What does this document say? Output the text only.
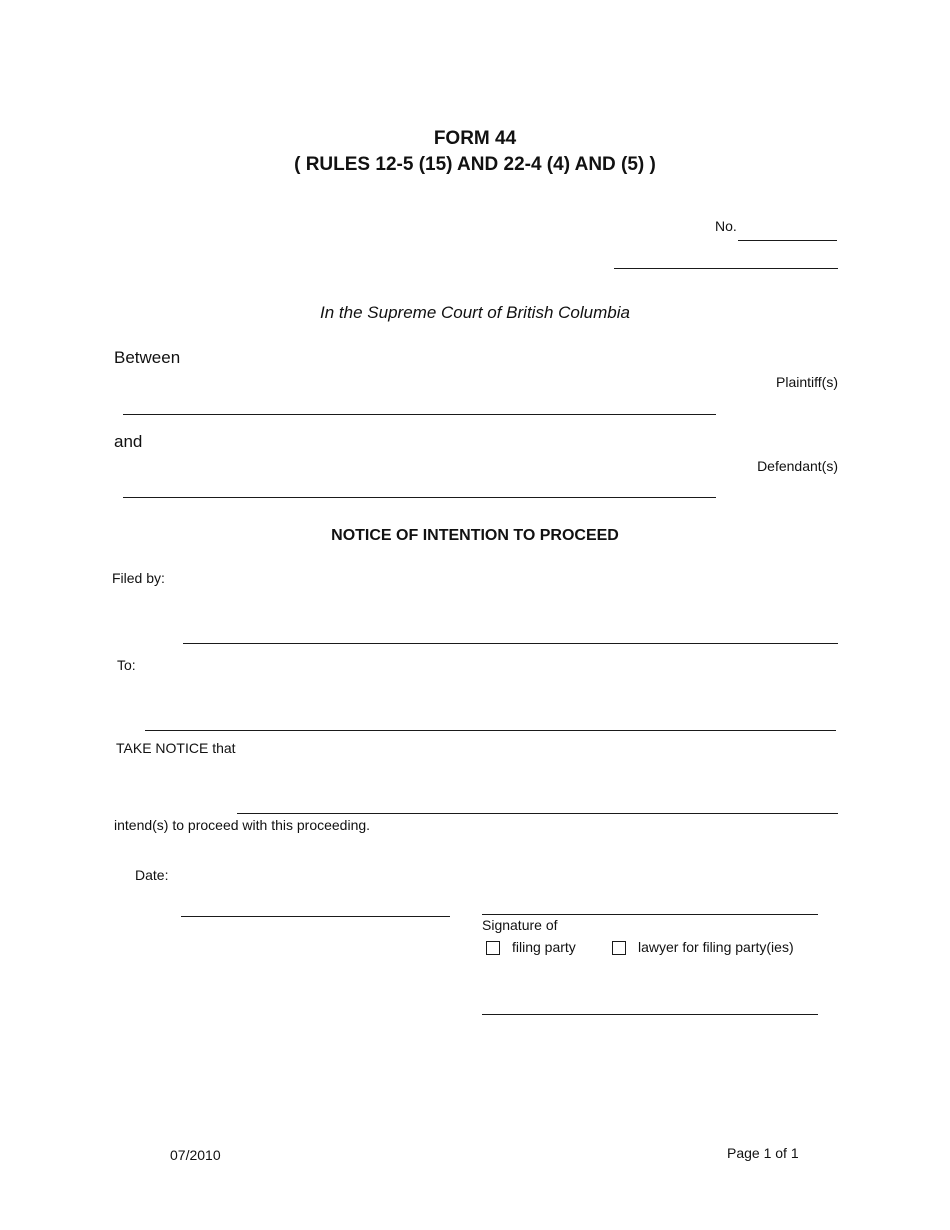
FORM 44
( RULES 12-5 (15) AND 22-4 (4) AND (5) )
No.
In the Supreme Court of British Columbia
Between
Plaintiff(s)
and
Defendant(s)
NOTICE OF INTENTION TO PROCEED
Filed by:
To:
TAKE NOTICE that
intend(s) to proceed with this proceeding.
Date:
Signature of
filing party	lawyer for filing party(ies)
07/2010	Page 1 of 1
